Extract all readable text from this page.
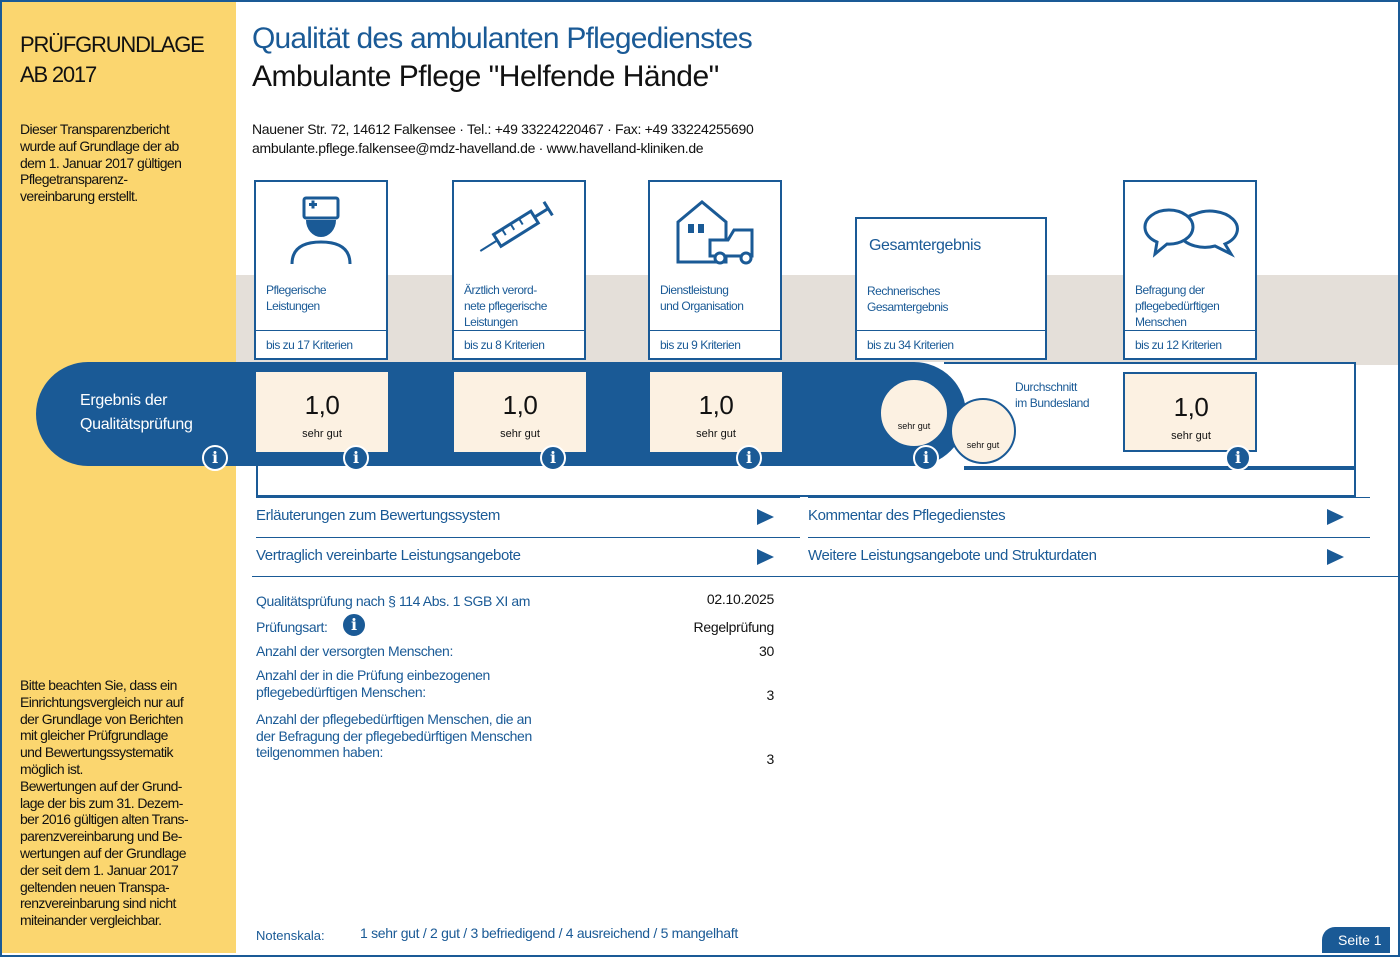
PRÜFGRUNDLAGE
AB 2017
Dieser Transparenzbericht
wurde auf Grundlage der ab
dem 1. Januar 2017 gültigen
Pflegetransparenz-
vereinbarung erstellt.
Bitte beachten Sie, dass ein
Einrichtungsvergleich nur auf
der Grundlage von Berichten
mit gleicher Prüfgrundlage
und Bewertungssystematik
möglich ist.
Bewertungen auf der Grund-
lage der bis zum 31. Dezem-
ber 2016 gültigen alten Trans-
parenzvereinbarung und Be-
wertungen auf der Grundlage
der seit dem 1. Januar 2017
geltenden neuen Transpa-
renzvereinbarung sind nicht
miteinander vergleichbar.
Qualität des ambulanten Pflegedienstes
Ambulante Pflege "Helfende Hände"
Nauener Str. 72, 14612 Falkensee · Tel.: +49 33224220467 · Fax: +49 33224255690
ambulante.pflege.falkensee@mdz-havelland.de · www.havelland-kliniken.de
Ergebnis der
Qualitätsprüfung
Pflegerische
Leistungen
bis zu 17 Kriterien
Ärztlich verord-
nete pflegerische
Leistungen
bis zu 8 Kriterien
Dienstleistung
und Organisation
bis zu 9 Kriterien
Gesamtergebnis
Rechnerisches
Gesamtergebnis
bis zu 34 Kriterien
Befragung der
pflegebedürftigen
Menschen
bis zu 12 Kriterien
1,0
sehr gut
1,0
sehr gut
1,0
sehr gut
1,0
sehr gut
sehr gut
sehr gut
Durchschnitt
im Bundesland
i	i	i	i	i	i
Erläuterungen zum Bewertungssystem	Kommentar des Pflegedienstes
Vertraglich vereinbarte Leistungsangebote	Weitere Leistungsangebote und Strukturdaten
Qualitätsprüfung nach § 114 Abs. 1 SGB XI am	02.10.2025
Prüfungsart:	i	Regelprüfung
Anzahl der versorgten Menschen:	30
Anzahl der in die Prüfung einbezogenen
pflegebedürftigen Menschen:	3
Anzahl der pflegebedürftigen Menschen, die an
der Befragung der pflegebedürftigen Menschen
teilgenommen haben:	3
Notenskala:	1 sehr gut / 2 gut / 3 befriedigend / 4 ausreichend / 5 mangelhaft	Seite 1
